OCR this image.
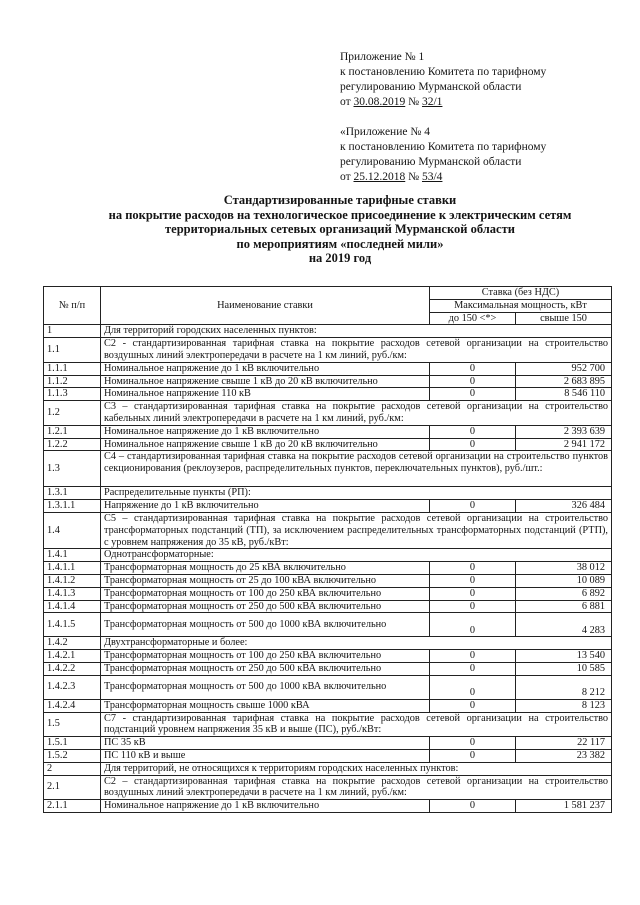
Приложение № 1
к постановлению Комитета по тарифному
регулированию Мурманской области
от 30.08.2019 № 32/1
«Приложение № 4
к постановлению Комитета по тарифному
регулированию Мурманской области
от 25.12.2018 № 53/4
Стандартизированные тарифные ставки
на покрытие расходов на технологическое присоединение к электрическим сетям
территориальных сетевых организаций Мурманской области
по мероприятиям «последней мили»
на 2019 год
№ п/п	Наименование ставки	Ставка (без НДС)	
		Максимальная мощность, кВт	
		до 150 <*>	свыше 150
1	Для территорий городских населенных пунктов:		
1.1	С2 - стандартизированная тарифная ставка на покрытие расходов сетевой организации на строительство воздушных линий электропередачи в расчете на 1 км линий, руб./км:		
1.1.1	Номинальное напряжение до 1 кВ включительно	0	952 700
1.1.2	Номинальное напряжение свыше 1 кВ до 20 кВ включительно	0	2 683 895
1.1.3	Номинальное напряжение 110 кВ	0	8 546 110
1.2	С3 – стандартизированная тарифная ставка на покрытие расходов сетевой организации на строительство кабельных линий электропередачи в расчете на 1 км линий, руб./км:		
1.2.1	Номинальное напряжение до 1 кВ включительно	0	2 393 639
1.2.2	Номинальное напряжение свыше 1 кВ до 20 кВ включительно	0	2 941 172
1.3	С4 – стандартизированная тарифная ставка на покрытие расходов сетевой организации на строительство пунктов секционирования (реклоузеров, распределительных пунктов, переключательных пунктов), руб./шт.:		
1.3.1	Распределительные пункты (РП):		
1.3.1.1	Напряжение до 1 кВ включительно	0	326 484
1.4	С5 – стандартизированная тарифная ставка на покрытие расходов сетевой организации на строительство трансформаторных подстанций (ТП), за исключением распределительных трансформаторных подстанций (РТП), с уровнем напряжения до 35 кВ, руб./кВт:		
1.4.1	Однотрансформаторные:		
1.4.1.1	Трансформаторная мощность до 25 кВА включительно	0	38 012
1.4.1.2	Трансформаторная мощность от 25 до 100 кВА включительно	0	10 089
1.4.1.3	Трансформаторная мощность от 100 до 250 кВА включительно	0	6 892
1.4.1.4	Трансформаторная мощность от 250 до 500 кВА включительно	0	6 881
1.4.1.5	Трансформаторная мощность от 500 до 1000 кВА включительно	0	4 283
1.4.2	Двухтрансформаторные и более:		
1.4.2.1	Трансформаторная мощность от 100 до 250 кВА включительно	0	13 540
1.4.2.2	Трансформаторная мощность от 250 до 500 кВА включительно	0	10 585
1.4.2.3	Трансформаторная мощность от 500 до 1000 кВА включительно	0	8 212
1.4.2.4	Трансформаторная мощность свыше 1000 кВА	0	8 123
1.5	С7 - стандартизированная тарифная ставка на покрытие расходов сетевой организации на строительство подстанций уровнем напряжения 35 кВ и выше (ПС), руб./кВт:		
1.5.1	ПС 35 кВ	0	22 117
1.5.2	ПС 110 кВ и выше	0	23 382
2	Для территорий, не относящихся к территориям городских населенных пунктов:		
2.1	С2 – стандартизированная тарифная ставка на покрытие расходов сетевой организации на строительство воздушных линий электропередачи в расчете на 1 км линий, руб./км:		
2.1.1	Номинальное напряжение до 1 кВ включительно	0	1 581 237
